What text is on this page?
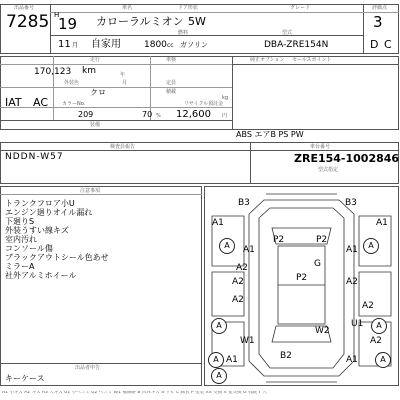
出品番号
7285 H
19
車名
カローラルミオン
ドア形状
5W
グレード	評価点
3
燃料	型式
11 月 自家用	1800 cc ガソリン	DBA-ZRE154N	D C
走行	車検
170,123 km	年
月	定員
外装色
クロ
IAT AC
積載
kg
カラーNo.
209	70 %
リサイクル預託金
12,600 円
装備
セールスポイント
純正オプション
ABS エアB PS PW
検査員報告	車台番号
NDDN-W57	ZRE154-1002846
型式指定
注意事項
トランクフロア小U
エンジン廻りオイル漏れ
下廻りS
外装うすい線キズ
室内汚れ
コンソール傷
ブラックアウトシール色あせ
ミラーA
社外アルミホイール
出品者申告
キーケース
B3	B3
A1	A1
P2	P2
A1	A1
G
A2
P2
A2	A2
A2
A2
U1
W2
W1	A2
B2
A1	A1
A	A
A	A
A	A
A
A1 小キズ A2 キズ A3 大キズ U1 小ヘコミ U2 ヘコミ W1 補修跡 B 凹みキズ S サビ C 腐食 P 塗装 XX 交換 X 要交換 G 石跳 Y 穴
